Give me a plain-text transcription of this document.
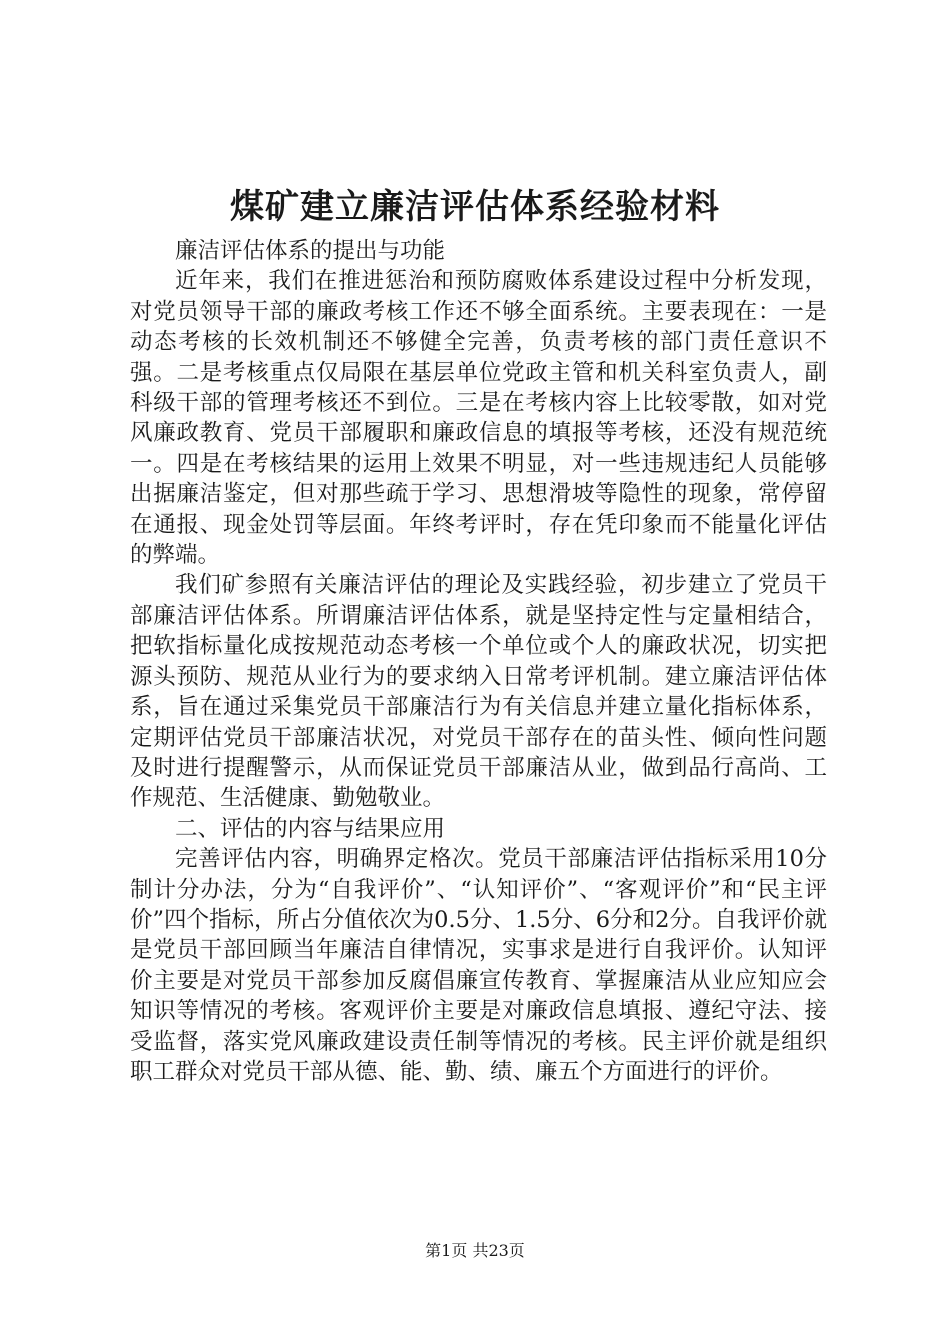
煤矿建立廉洁评估体系经验材料

廉洁评估体系的提出与功能

近年来，我们在推进惩治和预防腐败体系建设过程中分析发现，对党员领导干部的廉政考核工作还不够全面系统。主要表现在：一是动态考核的长效机制还不够健全完善，负责考核的部门责任意识不强。二是考核重点仅局限在基层单位党政主管和机关科室负责人，副科级干部的管理考核还不到位。三是在考核内容上比较零散，如对党风廉政教育、党员干部履职和廉政信息的填报等考核，还没有规范统一。四是在考核结果的运用上效果不明显，对一些违规违纪人员能够出据廉洁鉴定，但对那些疏于学习、思想滑坡等隐性的现象，常停留在通报、现金处罚等层面。年终考评时，存在凭印象而不能量化评估的弊端。

我们矿参照有关廉洁评估的理论及实践经验，初步建立了党员干部廉洁评估体系。所谓廉洁评估体系，就是坚持定性与定量相结合，把软指标量化成按规范动态考核一个单位或个人的廉政状况，切实把源头预防、规范从业行为的要求纳入日常考评机制。建立廉洁评估体系，旨在通过采集党员干部廉洁行为有关信息并建立量化指标体系，定期评估党员干部廉洁状况，对党员干部存在的苗头性、倾向性问题及时进行提醒警示，从而保证党员干部廉洁从业，做到品行高尚、工作规范、生活健康、勤勉敬业。

二、评估的内容与结果应用

完善评估内容，明确界定格次。党员干部廉洁评估指标采用10分制计分办法，分为“自我评价”、“认知评价”、“客观评价”和“民主评价”四个指标，所占分值依次为0.5分、1.5分、6分和2分。自我评价就是党员干部回顾当年廉洁自律情况，实事求是进行自我评价。认知评价主要是对党员干部参加反腐倡廉宣传教育、掌握廉洁从业应知应会知识等情况的考核。客观评价主要是对廉政信息填报、遵纪守法、接受监督，落实党风廉政建设责任制等情况的考核。民主评价就是组织职工群众对党员干部从德、能、勤、绩、廉五个方面进行的评价。

第1页 共23页
